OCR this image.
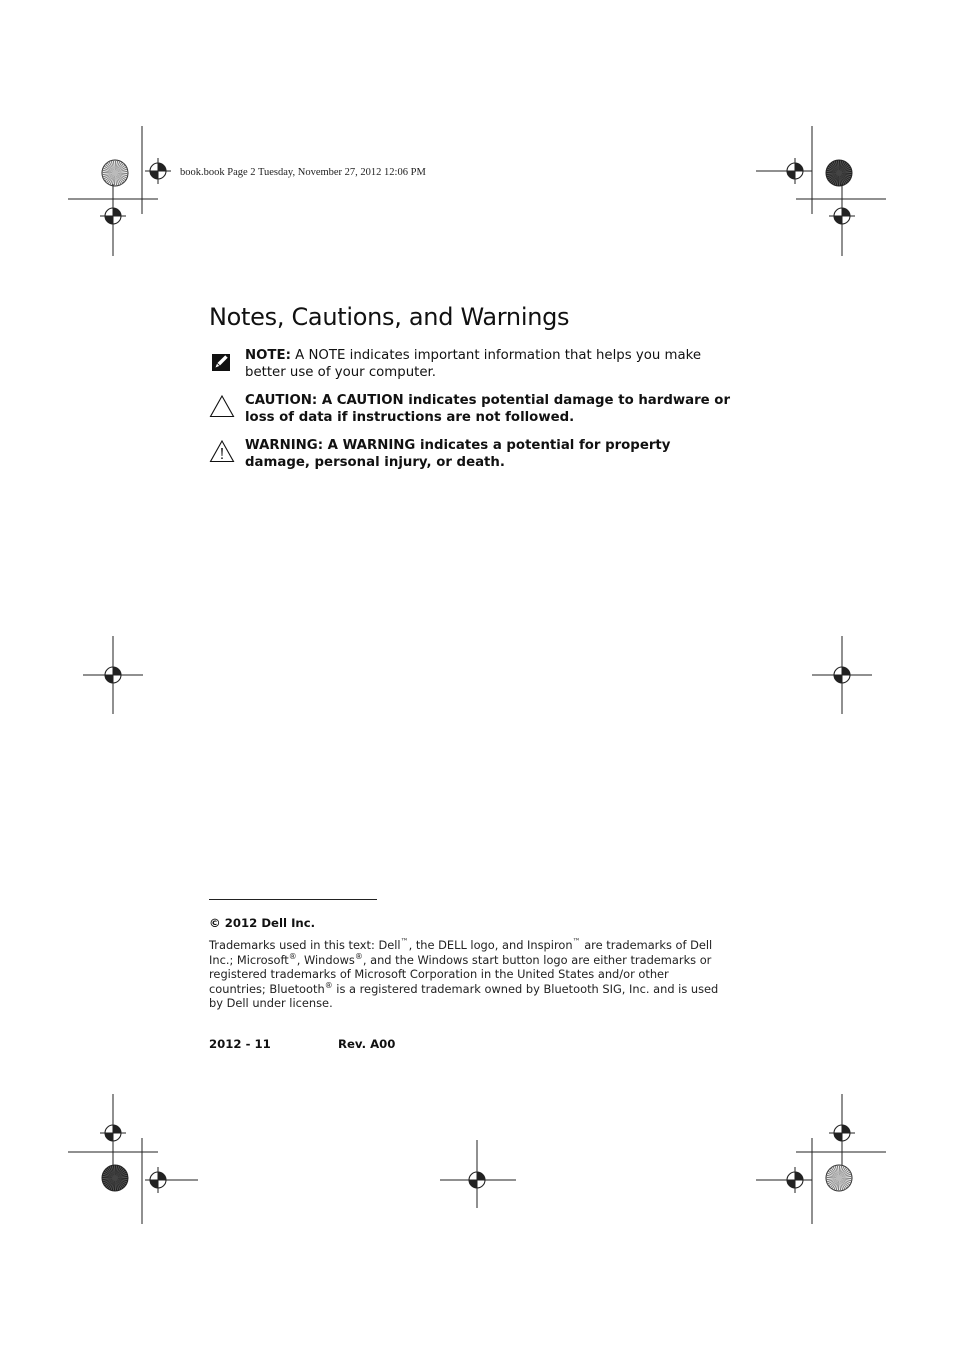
book.book Page 2 Tuesday, November 27, 2012 12:06 PM
Notes, Cautions, and Warnings
NOTE: A NOTE indicates important information that helps you make better use of your computer.
CAUTION: A CAUTION indicates potential damage to hardware or loss of data if instructions are not followed.
WARNING: A WARNING indicates a potential for property damage, personal injury, or death.
© 2012 Dell Inc.
Trademarks used in this text: Dell™, the DELL logo, and Inspiron™ are trademarks of Dell Inc.; Microsoft®, Windows®, and the Windows start button logo are either trademarks or registered trademarks of Microsoft Corporation in the United States and/or other countries; Bluetooth® is a registered trademark owned by Bluetooth SIG, Inc. and is used by Dell under license.
2012 - 11	Rev. A00
